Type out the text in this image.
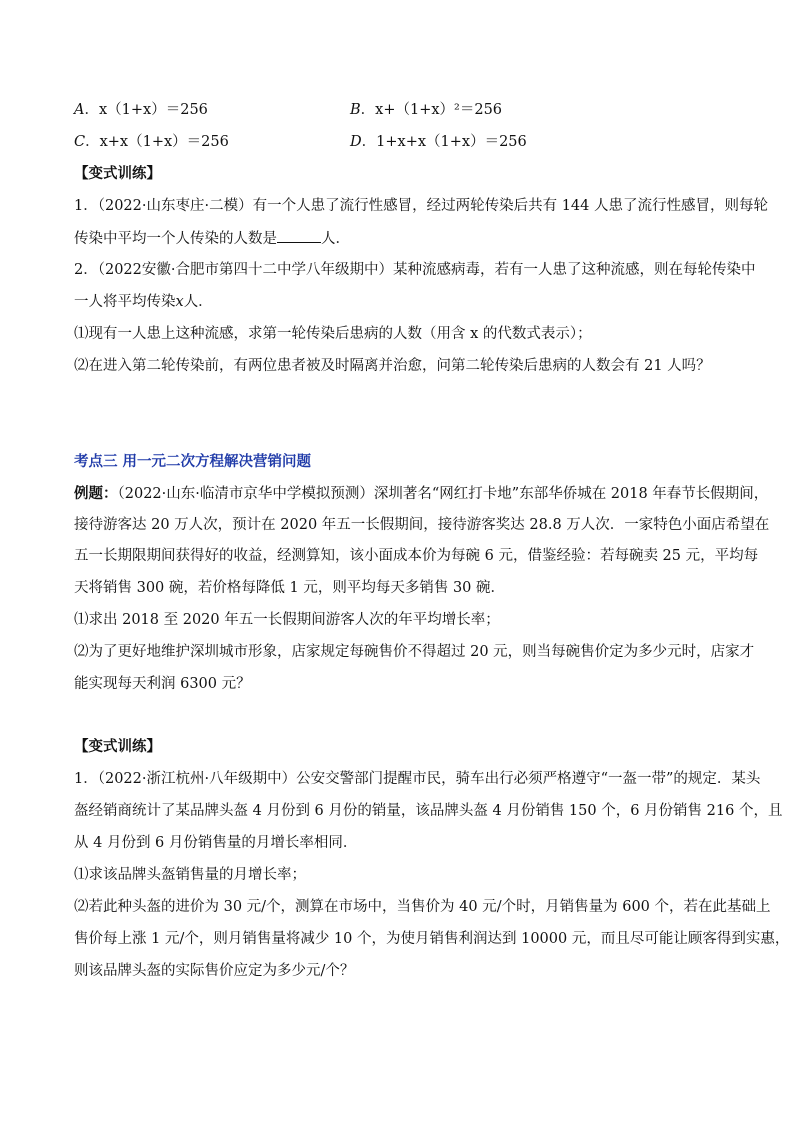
A．x（1+x）＝256	B．x+（1+x）²＝256
C．x+x（1+x）＝256	D．1+x+x（1+x）＝256
【变式训练】
1．（2022·山东枣庄·二模）有一个人患了流行性感冒，经过两轮传染后共有 144 人患了流行性感冒，则每轮
传染中平均一个人传染的人数是	人．
2．（2022安徽·合肥市第四十二中学八年级期中）某种流感病毒，若有一人患了这种流感，则在每轮传染中
一人将平均传染x人．
⑴现有一人患上这种流感，求第一轮传染后患病的人数（用含 x 的代数式表示）；
⑵在进入第二轮传染前，有两位患者被及时隔离并治愈，问第二轮传染后患病的人数会有 21 人吗？
考点三 用一元二次方程解决营销问题
例题：（2022·山东·临清市京华中学模拟预测）深圳著名“网红打卡地”东部华侨城在 2018 年春节长假期间，
接待游客达 20 万人次，预计在 2020 年五一长假期间，接待游客奖达 28.8 万人次．一家特色小面店希望在
五一长期限期间获得好的收益，经测算知，该小面成本价为每碗 6 元，借鉴经验：若每碗卖 25 元，平均每
天将销售 300 碗，若价格每降低 1 元，则平均每天多销售 30 碗．
⑴求出 2018 至 2020 年五一长假期间游客人次的年平均增长率；
⑵为了更好地维护深圳城市形象，店家规定每碗售价不得超过 20 元，则当每碗售价定为多少元时，店家才
能实现每天利润 6300 元？
【变式训练】
1．（2022·浙江杭州·八年级期中）公安交警部门提醒市民，骑车出行必须严格遵守“一盔一带”的规定．某头
盔经销商统计了某品牌头盔 4 月份到 6 月份的销量，该品牌头盔 4 月份销售 150 个，6 月份销售 216 个，且
从 4 月份到 6 月份销售量的月增长率相同．
⑴求该品牌头盔销售量的月增长率；
⑵若此种头盔的进价为 30 元/个，测算在市场中，当售价为 40 元/个时，月销售量为 600 个，若在此基础上
售价每上涨 1 元/个，则月销售量将减少 10 个，为使月销售利润达到 10000 元，而且尽可能让顾客得到实惠，
则该品牌头盔的实际售价应定为多少元/个？
